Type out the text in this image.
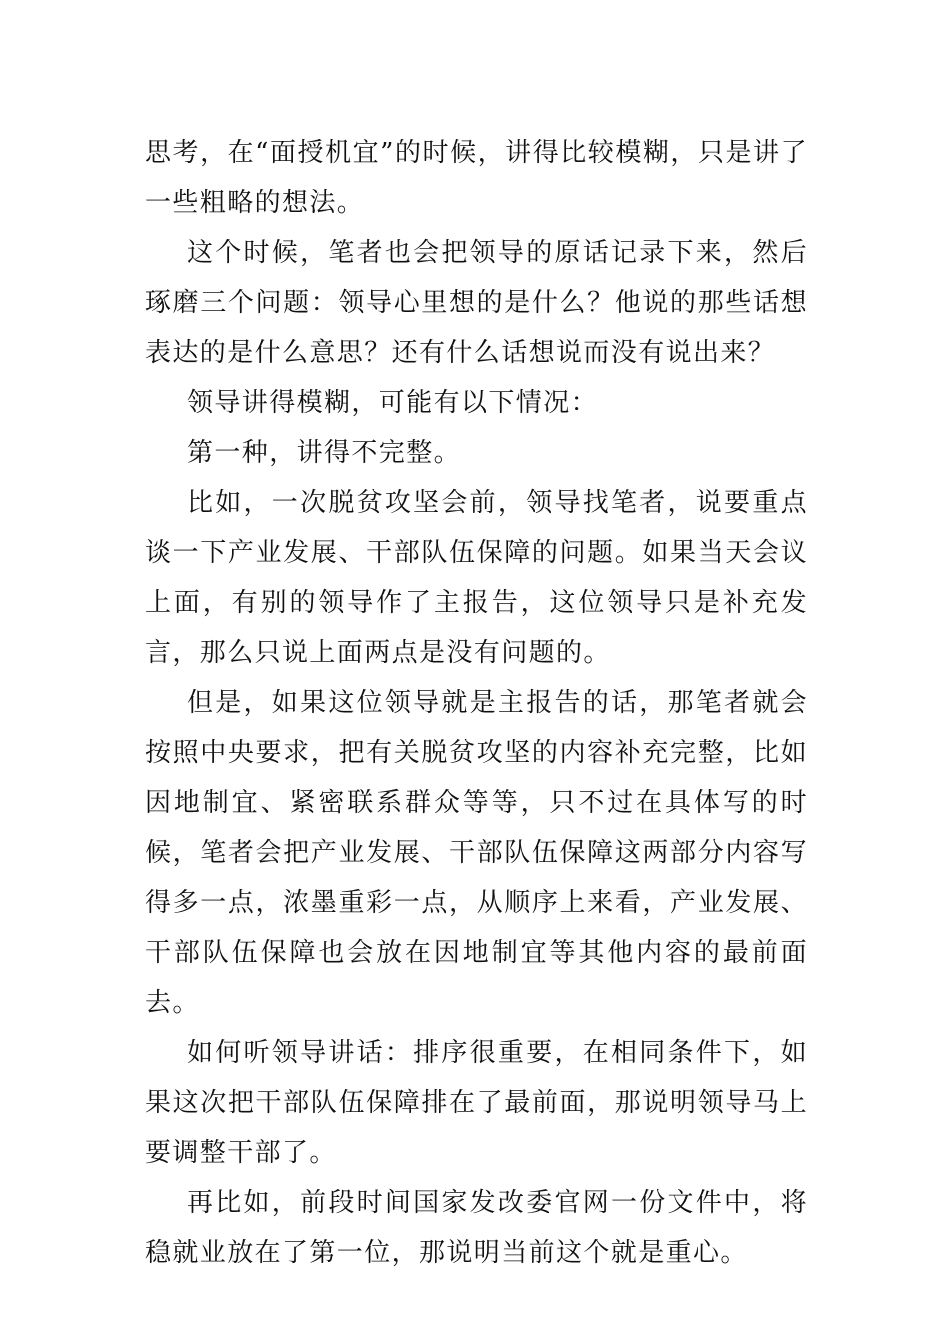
思考，在“面授机宜”的时候，讲得比较模糊，只是讲了一些粗略的想法。

这个时候，笔者也会把领导的原话记录下来，然后琢磨三个问题：领导心里想的是什么？他说的那些话想表达的是什么意思？还有什么话想说而没有说出来？

领导讲得模糊，可能有以下情况：

第一种，讲得不完整。

比如，一次脱贫攻坚会前，领导找笔者，说要重点谈一下产业发展、干部队伍保障的问题。如果当天会议上面，有别的领导作了主报告，这位领导只是补充发言，那么只说上面两点是没有问题的。

但是，如果这位领导就是主报告的话，那笔者就会按照中央要求，把有关脱贫攻坚的内容补充完整，比如因地制宜、紧密联系群众等等，只不过在具体写的时候，笔者会把产业发展、干部队伍保障这两部分内容写得多一点，浓墨重彩一点，从顺序上来看，产业发展、干部队伍保障也会放在因地制宜等其他内容的最前面去。

如何听领导讲话：排序很重要，在相同条件下，如果这次把干部队伍保障排在了最前面，那说明领导马上要调整干部了。

再比如，前段时间国家发改委官网一份文件中，将稳就业放在了第一位，那说明当前这个就是重心。
